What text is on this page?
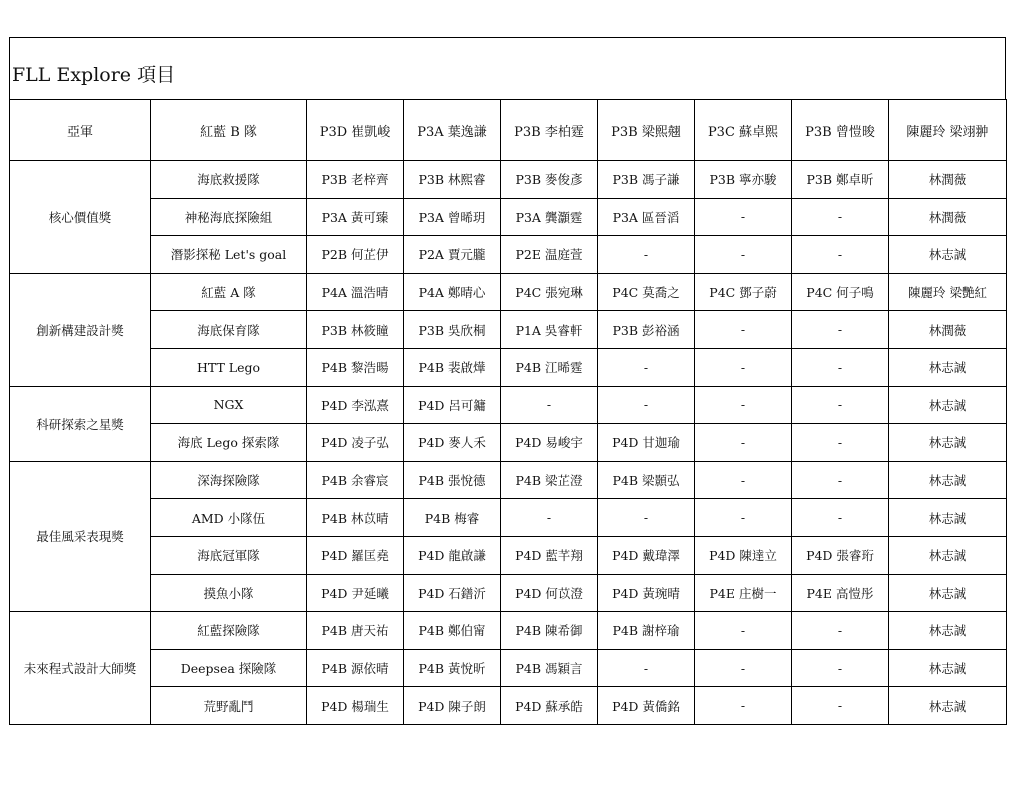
FLL Explore 項目
亞軍	紅藍 B 隊	P3D 崔凱峻	P3A 葉逸謙	P3B 李柏霆	P3B 梁熙翹	P3C 蘇卓熙	P3B 曾愷晙	陳麗玲 梁翊翀
核心價值獎	海底救援隊	P3B 老梓齊	P3B 林熙睿	P3B 麥俊彥	P3B 馮子謙	P3B 寧亦駿	P3B 鄭卓昕	林潤薇
	神秘海底探險組	P3A 黃可臻	P3A 曾晞玥	P3A 龔灝霆	P3A 區晉滔	-	-	林潤薇
	潛影探秘 Let's goal	P2B 何芷伊	P2A 賈元朧	P2E 温庭萱	-	-	-	林志誠
創新構建設計獎	紅藍 A 隊	P4A 溫浩晴	P4A 鄭晴心	P4C 張宛琳	P4C 莫喬之	P4C 鄧子蔚	P4C 何子鳴	陳麗玲 梁艷紅
	海底保育隊	P3B 林筱瞳	P3B 吳欣桐	P1A 吳睿軒	P3B 彭裕涵	-	-	林潤薇
	HTT Lego	P4B 黎浩暘	P4B 裴啟燁	P4B 江晞霆	-	-	-	林志誠
科研探索之星獎	NGX	P4D 李泓熹	P4D 呂可鏞	-	-	-	-	林志誠
	海底 Lego 探索隊	P4D 凌子弘	P4D 麥人禾	P4D 易峻宇	P4D 甘迦瑜	-	-	林志誠
最佳風采表現獎	深海探險隊	P4B 余睿宸	P4B 張悅德	P4B 梁芷澄	P4B 梁顥弘	-	-	林志誠
	AMD 小隊伍	P4B 林苡晴	P4B 梅睿	-	-	-	-	林志誠
	海底冠軍隊	P4D 羅匡堯	P4D 龍啟謙	P4D 藍芊翔	P4D 戴瑋澤	P4D 陳達立	P4D 張睿珩	林志誠
	摸魚小隊	P4D 尹延曦	P4D 石鐠沂	P4D 何苡澄	P4D 黃琬晴	P4E 庄樹一	P4E 高愷彤	林志誠
未來程式設計大師獎	紅藍探險隊	P4B 唐天祐	P4B 鄭伯甯	P4B 陳希御	P4B 謝梓瑜	-	-	林志誠
	Deepsea 探險隊	P4B 源依晴	P4B 黃悅昕	P4B 馮穎言	-	-	-	林志誠
	荒野亂鬥	P4D 楊瑞生	P4D 陳子朗	P4D 蘇承皓	P4D 黃僑銘	-	-	林志誠
